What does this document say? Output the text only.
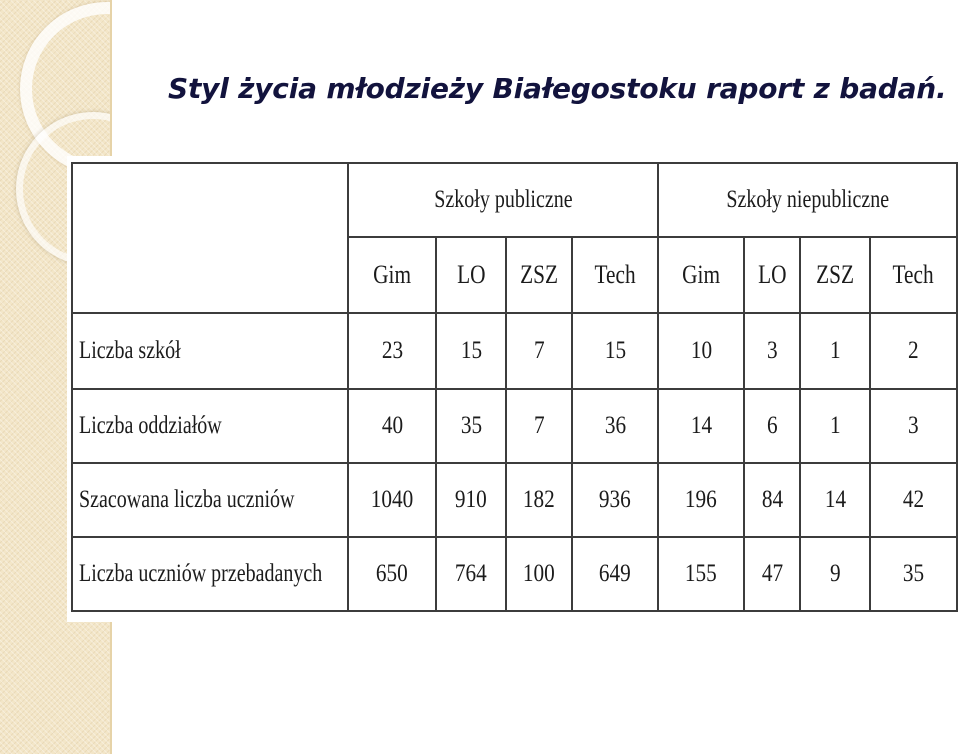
Styl życia młodzieży Białegostoku raport z badań.
	Szkoły publiczne				Szkoły niepubliczne			
	Gim	LO	ZSZ	Tech	Gim	LO	ZSZ	Tech
Liczba szkół	23	15	7	15	10	3	1	2
Liczba oddziałów	40	35	7	36	14	6	1	3
Szacowana liczba uczniów	1040	910	182	936	196	84	14	42
Liczba uczniów przebadanych	650	764	100	649	155	47	9	35
